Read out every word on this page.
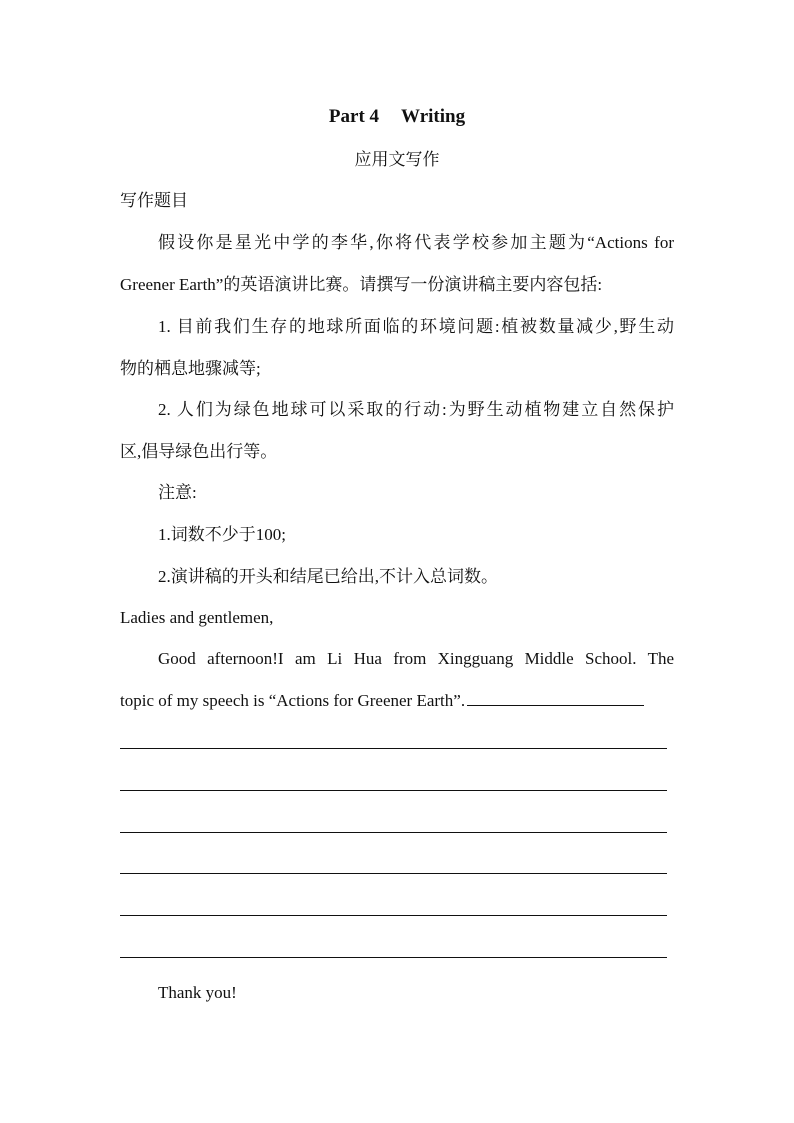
Part 4 Writing
应用文写作
写作题目
假设你是星光中学的李华,你将代表学校参加主题为“Actions for
Greener Earth”的英语演讲比赛。请撰写一份演讲稿主要内容包括:
1. 目前我们生存的地球所面临的环境问题:植被数量减少,野生动
物的栖息地骤减等;
2. 人们为绿色地球可以采取的行动:为野生动植物建立自然保护
区,倡导绿色出行等。
注意:
1.词数不少于100;
2.演讲稿的开头和结尾已给出,不计入总词数。
Ladies and gentlemen,
Good afternoon!I am Li Hua from Xingguang Middle School. The
topic of my speech is “Actions for Greener Earth”.
Thank you!
